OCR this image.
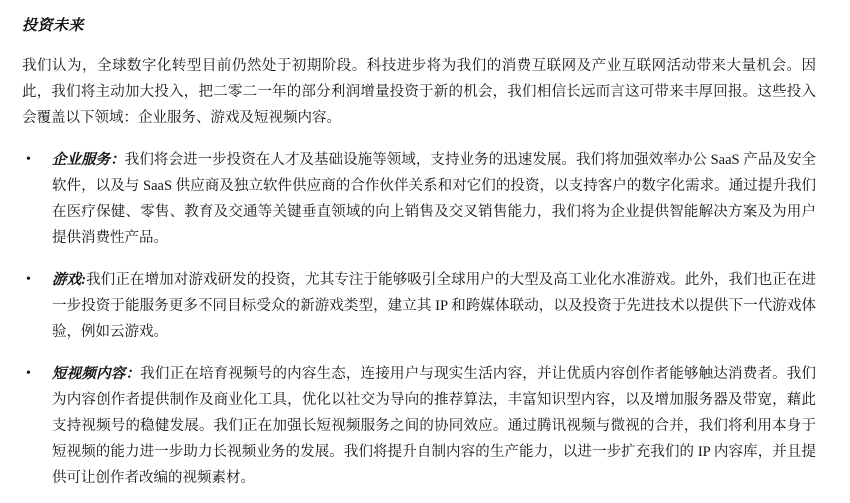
投资未来

我们认为，全球数字化转型目前仍然处于初期阶段。科技进步将为我们的消费互联网及产业互联网活动带来大量机会。因此，我们将主动加大投入，把二零二一年的部分利润增量投资于新的机会，我们相信长远而言这可带来丰厚回报。这些投入会覆盖以下领域：企业服务、游戏及短视频内容。

•	企业服务：我们将会进一步投资在人才及基础设施等领域，支持业务的迅速发展。我们将加强效率办公 SaaS 产品及安全软件，以及与 SaaS 供应商及独立软件供应商的合作伙伴关系和对它们的投资，以支持客户的数字化需求。通过提升我们在医疗保健、零售、教育及交通等关键垂直领域的向上销售及交叉销售能力，我们将为企业提供智能解决方案及为用户提供消费性产品。
•	游戏:我们正在增加对游戏研发的投资，尤其专注于能够吸引全球用户的大型及高工业化水准游戏。此外，我们也正在进一步投资于能服务更多不同目标受众的新游戏类型，建立其 IP 和跨媒体联动，以及投资于先进技术以提供下一代游戏体验，例如云游戏。
•	短视频内容：我们正在培育视频号的内容生态，连接用户与现实生活内容，并让优质内容创作者能够触达消费者。我们为内容创作者提供制作及商业化工具，优化以社交为导向的推荐算法，丰富知识型内容，以及增加服务器及带宽，藉此支持视频号的稳健发展。我们正在加强长短视频服务之间的协同效应。通过腾讯视频与微视的合并，我们将利用本身于短视频的能力进一步助力长视频业务的发展。我们将提升自制内容的生产能力，以进一步扩充我们的 IP 内容库，并且提供可让创作者改编的视频素材。
